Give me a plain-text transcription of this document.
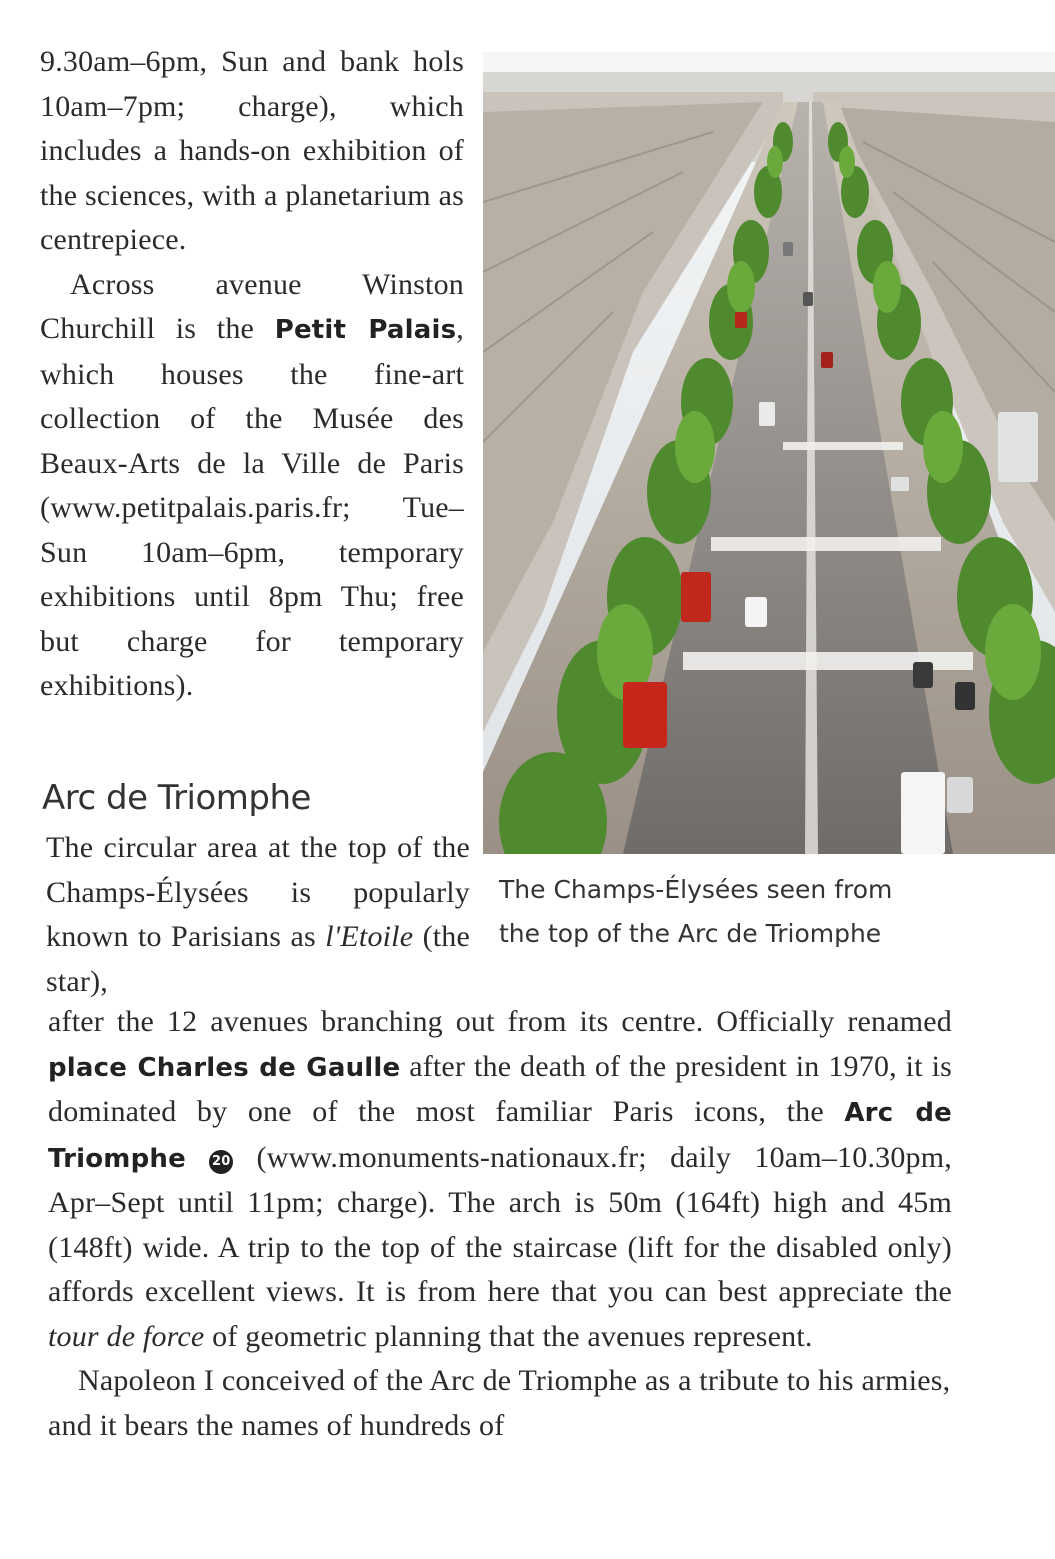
9.30am–6pm, Sun and bank hols 10am–7pm; charge), which includes a hands-on exhibition of the sciences, with a planetarium as centrepiece.

Across avenue Winston Churchill is the Petit Palais, which houses the fine-art collection of the Musée des Beaux-Arts de la Ville de Paris (www.petitpalais.paris.fr; Tue–Sun 10am–6pm, temporary exhibitions until 8pm Thu; free but charge for temporary exhibitions).

The Champs-Élysées seen from
the top of the Arc de Triomphe
Arc de Triomphe

The circular area at the top of the Champs-Élysées is popularly known to Parisians as l'Etoile (the star),

after the 12 avenues branching out from its centre. Officially renamed place Charles de Gaulle after the death of the president in 1970, it is dominated by one of the most familiar Paris icons, the Arc de Triomphe 20 (www.monuments-nationaux.fr; daily 10am–10.30pm, Apr–Sept until 11pm; charge). The arch is 50m (164ft) high and 45m (148ft) wide. A trip to the top of the staircase (lift for the disabled only) affords excellent views. It is from here that you can best appreciate the tour de force of geometric planning that the avenues represent.

Napoleon I conceived of the Arc de Triomphe as a tribute to his armies, and it bears the names of hundreds of
